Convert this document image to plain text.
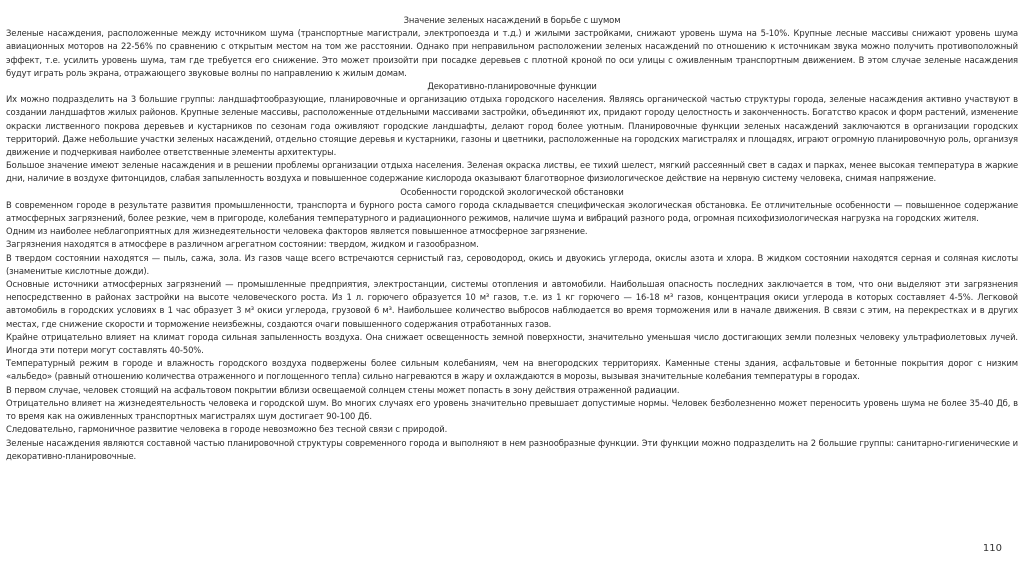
Значение зеленых насаждений в борьбе с шумом

Зеленые насаждения, расположенные между источником шума (транспортные магистрали, электропоезда и т.д.) и жилыми застройками, снижают уровень шума на 5-10%. Крупные лесные массивы снижают уровень шума авиационных моторов на 22-56% по сравнению с открытым местом на том же расстоянии. Однако при неправильном расположении зеленых насаждений по отношению к источникам звука можно получить противоположный эффект, т.е. усилить уровень шума, там где требуется его снижение. Это может произойти при посадке деревьев с плотной кроной по оси улицы с оживленным транспортным движением. В этом случае зеленые насаждения будут играть роль экрана, отражающего звуковые волны по направлению к жилым домам.

Декоративно-планировочные функции

Их можно подразделить на 3 большие группы: ландшафтообразующие, планировочные и организацию отдыха городского населения. Являясь органической частью структуры города, зеленые насаждения активно участвуют в создании ландшафтов жилых районов. Крупные зеленые массивы, расположенные отдельными массивами застройки, объединяют их, придают городу целостность и законченность. Богатство красок и форм растений, изменение окраски лиственного покрова деревьев и кустарников по сезонам года оживляют городские ландшафты, делают город более уютным. Планировочные функции зеленых насаждений заключаются в организации городских территорий. Даже небольшие участки зеленых насаждений, отдельно стоящие деревья и кустарники, газоны и цветники, расположенные на городских магистралях и площадях, играют огромную планировочную роль, организуя движение и подчеркивая наиболее ответственные элементы архитектуры.

Большое значение имеют зеленые насаждения и в решении проблемы организации отдыха населения. Зеленая окраска листвы, ее тихий шелест, мягкий рассеянный свет в садах и парках, менее высокая температура в жаркие дни, наличие в воздухе фитонцидов, слабая запыленность воздуха и повышенное содержание кислорода оказывают благотворное физиологическое действие на нервную систему человека, снимая напряжение.

Особенности городской экологической обстановки

В современном городе в результате развития промышленности, транспорта и бурного роста самого города складывается специфическая экологическая обстановка. Ее отличительные особенности — повышенное содержание атмосферных загрязнений, более резкие, чем в пригороде, колебания температурного и радиационного режимов, наличие шума и вибраций разного рода, огромная психофизиологическая нагрузка на городских жителя.

Одним из наиболее неблагоприятных для жизнедеятельности человека факторов является повышенное атмосферное загрязнение.

Загрязнения находятся в атмосфере в различном агрегатном состоянии: твердом, жидком и газообразном.

В твердом состоянии находятся — пыль, сажа, зола. Из газов чаще всего встречаются сернистый газ, сероводород, окись и двуокись углерода, окислы азота и хлора. В жидком состоянии находятся серная и соляная кислоты (знаменитые кислотные дожди).

Основные источники атмосферных загрязнений — промышленные предприятия, электростанции, системы отопления и автомобили. Наибольшая опасность последних заключается в том, что они выделяют эти загрязнения непосредственно в районах застройки на высоте человеческого роста. Из 1 л. горючего образуется 10 м³ газов, т.е. из 1 кг горючего — 16-18 м³ газов, концентрация окиси углерода в которых составляет 4-5%. Легковой автомобиль в городских условиях в 1 час образует 3 м³ окиси углерода, грузовой 6 м³. Наибольшее количество выбросов наблюдается во время торможения или в начале движения. В связи с этим, на перекрестках и в других местах, где снижение скорости и торможение неизбежны, создаются очаги повышенного содержания отработанных газов.

Крайне отрицательно влияет на климат города сильная запыленность воздуха. Она снижает освещенность земной поверхности, значительно уменьшая число достигающих земли полезных человеку ультрафиолетовых лучей. Иногда эти потери могут составлять 40-50%.

Температурный режим в городе и влажность городского воздуха подвержены более сильным колебаниям, чем на внегородских территориях. Каменные стены здания, асфальтовые и бетонные покрытия дорог с низким «альбедо» (равный отношению количества отраженного и поглощенного тепла) сильно нагреваются в жару и охлаждаются в морозы, вызывая значительные колебания температуры в городах.

В первом случае, человек стоящий на асфальтовом покрытии вблизи освещаемой солнцем стены может попасть в зону действия отраженной радиации.

Отрицательно влияет на жизнедеятельность человека и городской шум. Во многих случаях его уровень значительно превышает допустимые нормы. Человек безболезненно может переносить уровень шума не более 35-40 Дб, в то время как на оживленных транспортных магистралях шум достигает 90-100 Дб.

Следовательно, гармоничное развитие человека в городе невозможно без тесной связи с природой.

Зеленые насаждения являются составной частью планировочной структуры современного города и выполняют в нем разнообразные функции. Эти функции можно подразделить на 2 большие группы: санитарно-гигиенические и декоративно-планировочные.

110
